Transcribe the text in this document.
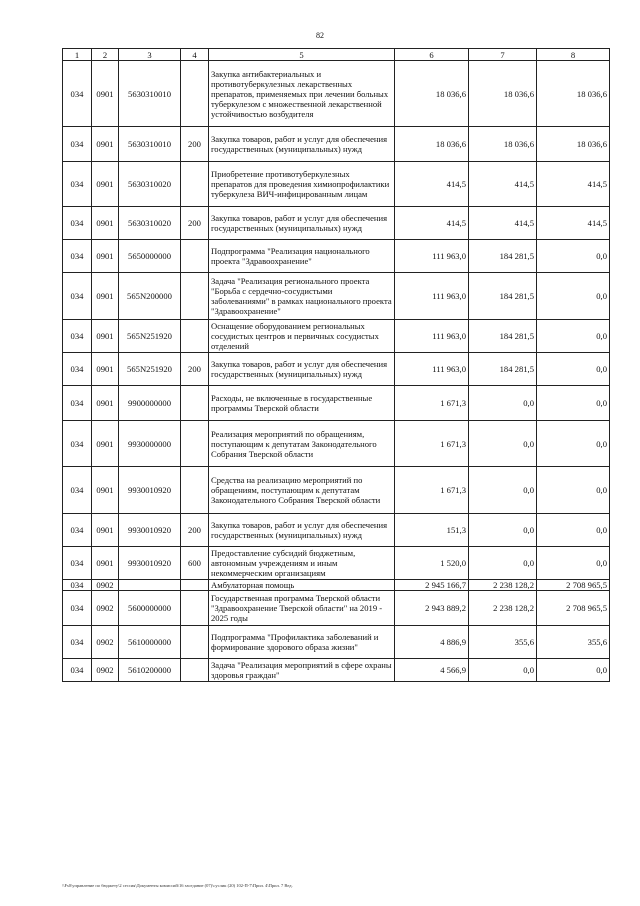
82
1	2	3	4	5	6	7	8
034	0901	5630310010		Закупка антибактериальных и противотуберкулезных лекарственных препаратов, применяемых при лечении больных туберкулезом с множественной лекарственной устойчивостью возбудителя	18 036,6	18 036,6	18 036,6
034	0901	5630310010	200	Закупка товаров, работ и услуг для обеспечения государственных (муниципальных) нужд	18 036,6	18 036,6	18 036,6
034	0901	5630310020		Приобретение противотуберкулезных препаратов для проведения химиопрофилактики туберкулеза ВИЧ-инфицированным лицам	414,5	414,5	414,5
034	0901	5630310020	200	Закупка товаров, работ и услуг для обеспечения государственных (муниципальных) нужд	414,5	414,5	414,5
034	0901	5650000000		Подпрограмма "Реализация национального проекта "Здравоохранение"	111 963,0	184 281,5	0,0
034	0901	565N200000		Задача "Реализация регионального проекта "Борьба с сердечно-сосудистыми заболеваниями" в рамках национального проекта "Здравоохранение"	111 963,0	184 281,5	0,0
034	0901	565N251920		Оснащение оборудованием региональных сосудистых центров и первичных сосудистых отделений	111 963,0	184 281,5	0,0
034	0901	565N251920	200	Закупка товаров, работ и услуг для обеспечения государственных (муниципальных) нужд	111 963,0	184 281,5	0,0
034	0901	9900000000		Расходы, не включенные в государственные программы Тверской области	1 671,3	0,0	0,0
034	0901	9930000000		Реализация мероприятий по обращениям, поступающим к депутатам Законодательного Собрания Тверской области	1 671,3	0,0	0,0
034	0901	9930010920		Средства на реализацию мероприятий по обращениям, поступающим к депутатам Законодательного Собрания Тверской области	1 671,3	0,0	0,0
034	0901	9930010920	200	Закупка товаров, работ и услуг для обеспечения государственных (муниципальных) нужд	151,3	0,0	0,0
034	0901	9930010920	600	Предоставление субсидий бюджетным, автономным учреждениям и иным некоммерческим организациям	1 520,0	0,0	0,0
034	0902			Амбулаторная помощь	2 945 166,7	2 238 128,2	2 708 965,5
034	0902	5600000000		Государственная программа Тверской области "Здравоохранение Тверской области" на 2019 - 2025 годы	2 943 889,2	2 238 128,2	2 708 965,5
034	0902	5610000000		Подпрограмма "Профилактика заболеваний и формирование здорового образа жизни"	4 886,9	355,6	355,6
034	0902	5610200000		Задача "Реализация мероприятий в сфере охраны здоровья граждан"	4 566,9	0,0	0,0
\\Fs0\управление по бюджету\2 сессия\Документы комиссий\16 заседание (07)\суслик (20) 102-П-7\Прил. 4\Прил. 7 Вед.
